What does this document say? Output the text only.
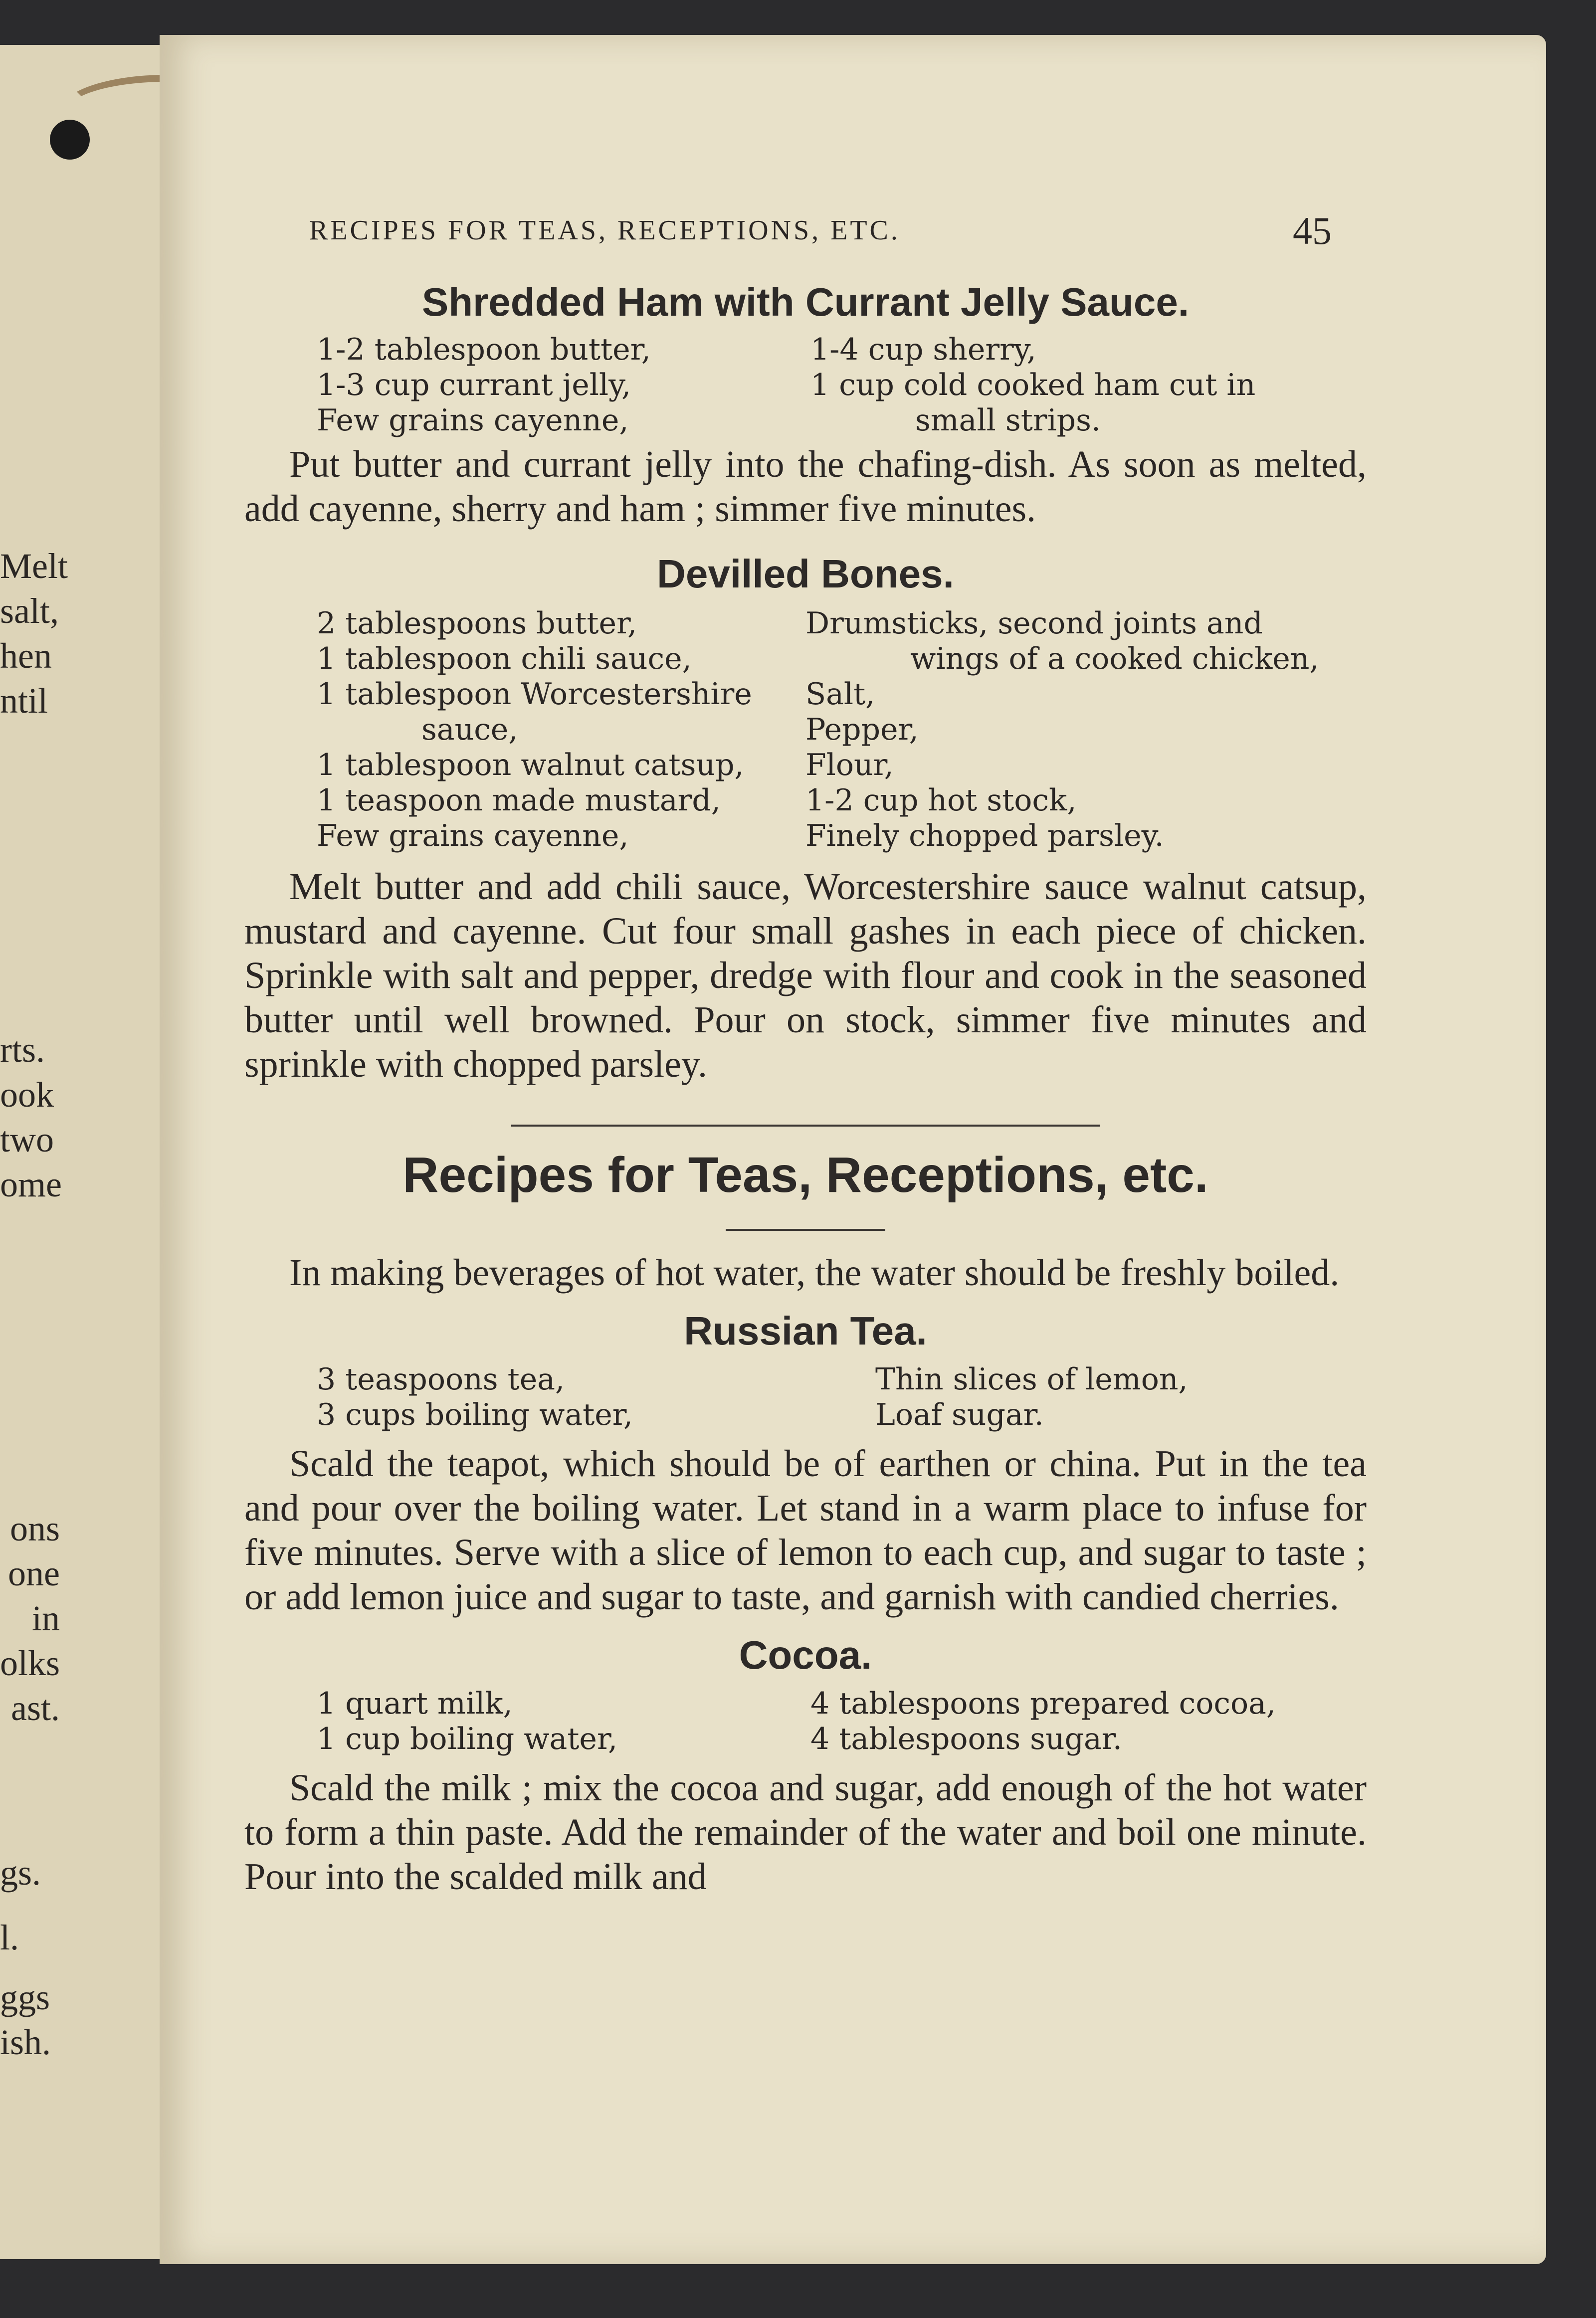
Melt
salt,
hen
ntil
rts.
ook
two
ome
ons
one
in
olks
ast.
gs.
l.
ggs
ish.
RECIPES FOR TEAS, RECEPTIONS, ETC.	45
Shredded Ham with Currant Jelly Sauce.
1-2 tablespoon butter,
1-3 cup currant jelly,
Few grains cayenne,
1-4 cup sherry,
1 cup cold cooked ham cut in
small strips.

Put butter and currant jelly into the chafing-dish. As soon as melted, add cayenne, sherry and ham ; simmer five minutes.

Devilled Bones.
2 tablespoons butter,
1 tablespoon chili sauce,
1 tablespoon Worcestershire
sauce,
1 tablespoon walnut catsup,
1 teaspoon made mustard,
Few grains cayenne,
Drumsticks, second joints and
wings of a cooked chicken,
Salt,
Pepper,
Flour,
1-2 cup hot stock,
Finely chopped parsley.

Melt butter and add chili sauce, Worcestershire sauce walnut catsup, mustard and cayenne. Cut four small gashes in each piece of chicken. Sprinkle with salt and pepper, dredge with flour and cook in the seasoned butter until well browned. Pour on stock, simmer five minutes and sprinkle with chopped parsley.

Recipes for Teas, Receptions, etc.

In making beverages of hot water, the water should be freshly boiled.

Russian Tea.
3 teaspoons tea,
3 cups boiling water,
Thin slices of lemon,
Loaf sugar.

Scald the teapot, which should be of earthen or china. Put in the tea and pour over the boiling water. Let stand in a warm place to infuse for five minutes. Serve with a slice of lemon to each cup, and sugar to taste ; or add lemon juice and sugar to taste, and garnish with candied cherries.

Cocoa.
1 quart milk,
1 cup boiling water,
4 tablespoons prepared cocoa,
4 tablespoons sugar.

Scald the milk ; mix the cocoa and sugar, add enough of the hot water to form a thin paste. Add the remainder of the water and boil one minute. Pour into the scalded milk and
